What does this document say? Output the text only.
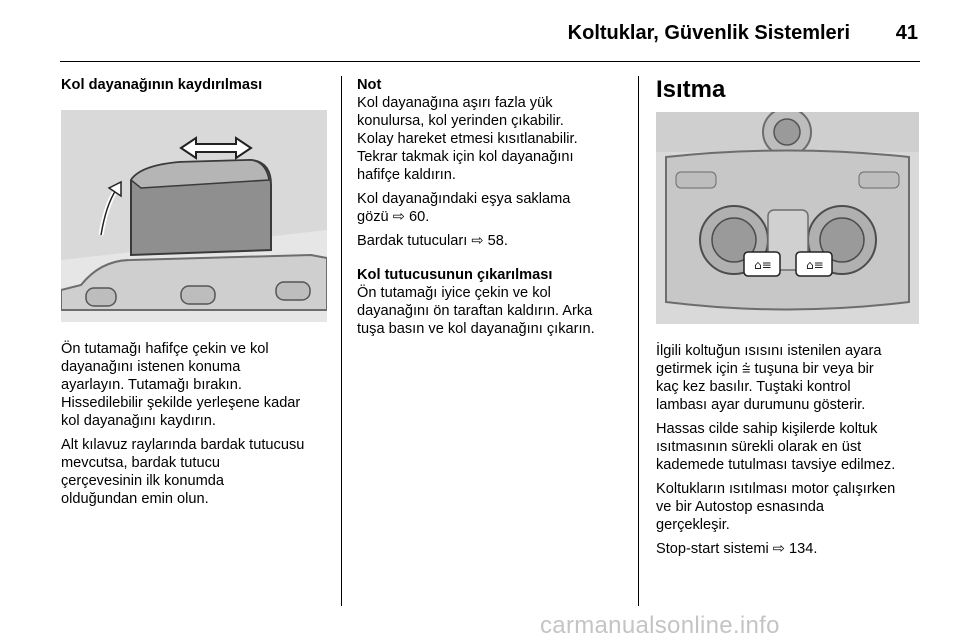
Koltuklar, Güvenlik Sistemleri 41
Kol dayanağının kaydırılması

Ön tutamağı hafifçe çekin ve kol
dayanağını istenen konuma
ayarlayın. Tutamağı bırakın.
Hissedilebilir şekilde yerleşene kadar
kol dayanağını kaydırın.

Alt kılavuz raylarında bardak tutucusu
mevcutsa, bardak tutucu
çerçevesinin ilk konumda
olduğundan emin olun.

Not
Kol dayanağına aşırı fazla yük
konulursa, kol yerinden çıkabilir.
Kolay hareket etmesi kısıtlanabilir.
Tekrar takmak için kol dayanağını
hafifçe kaldırın.

Kol dayanağındaki eşya saklama
gözü ⇨ 60.

Bardak tutucuları ⇨ 58.

Kol tutucusunun çıkarılması

Ön tutamağı iyice çekin ve kol
dayanağını ön taraftan kaldırın. Arka
tuşa basın ve kol dayanağını çıkarın.

Isıtma
⌂≡	⌂≡

İlgili koltuğun ısısını istenilen ayara
getirmek için ⩭ tuşuna bir veya bir
kaç kez basılır. Tuştaki kontrol
lambası ayar durumunu gösterir.

Hassas cilde sahip kişilerde koltuk
ısıtmasının sürekli olarak en üst
kademede tutulması tavsiye edilmez.

Koltukların ısıtılması motor çalışırken
ve bir Autostop esnasında
gerçekleşir.

Stop-start sistemi ⇨ 134.

carmanualsonline.info
